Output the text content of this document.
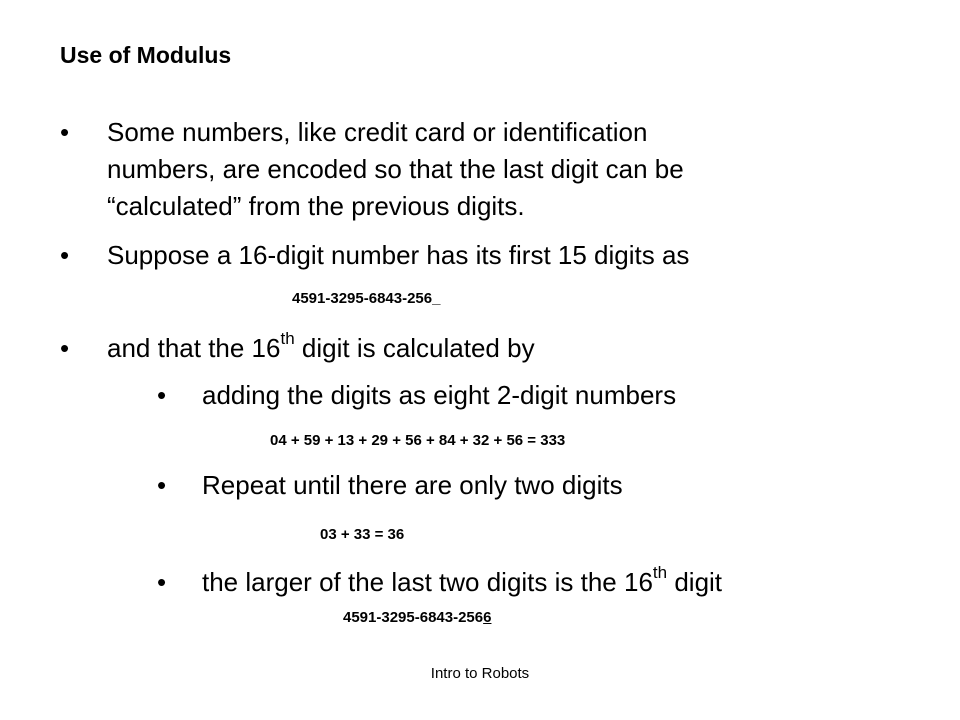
Use of Modulus
• Some numbers, like credit card or identification
numbers, are encoded so that the last digit can be
“calculated” from the previous digits.
• Suppose a 16-digit number has its first 15 digits as
4591-3295-6843-256_
• and that the 16th digit is calculated by
• adding the digits as eight 2-digit numbers
04 + 59 + 13 + 29 + 56 + 84 + 32 + 56 = 333
• Repeat until there are only two digits
03 + 33 = 36
• the larger of the last two digits is the 16th digit
4591-3295-6843-2566
Intro to Robots
